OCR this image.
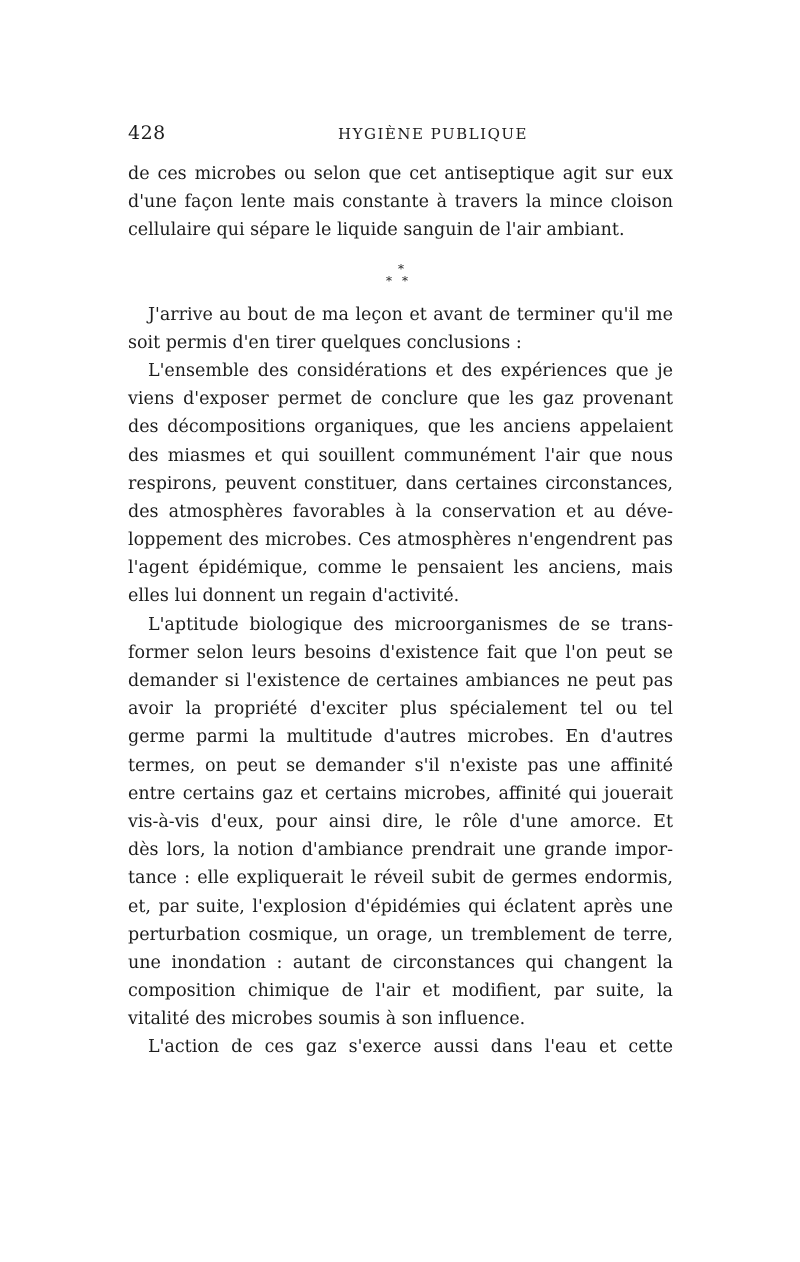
428	HYGIÈNE PUBLIQUE
de ces microbes ou selon que cet antiseptique agit sur eux
d'une façon lente mais constante à travers la mince cloison
cellulaire qui sépare le liquide sanguin de l'air ambiant.
*
**
J'arrive au bout de ma leçon et avant de terminer qu'il me
soit permis d'en tirer quelques conclusions :
L'ensemble des considérations et des expériences que je
viens d'exposer permet de conclure que les gaz provenant
des décompositions organiques, que les anciens appelaient
des miasmes et qui souillent communément l'air que nous
respirons, peuvent constituer, dans certaines circonstances,
des atmosphères favorables à la conservation et au déve-
loppement des microbes. Ces atmosphères n'engendrent pas
l'agent épidémique, comme le pensaient les anciens, mais
elles lui donnent un regain d'activité.
L'aptitude biologique des microorganismes de se trans-
former selon leurs besoins d'existence fait que l'on peut se
demander si l'existence de certaines ambiances ne peut pas
avoir la propriété d'exciter plus spécialement tel ou tel
germe parmi la multitude d'autres microbes. En d'autres
termes, on peut se demander s'il n'existe pas une affinité
entre certains gaz et certains microbes, affinité qui jouerait
vis-à-vis d'eux, pour ainsi dire, le rôle d'une amorce. Et
dès lors, la notion d'ambiance prendrait une grande impor-
tance : elle expliquerait le réveil subit de germes endormis,
et, par suite, l'explosion d'épidémies qui éclatent après une
perturbation cosmique, un orage, un tremblement de terre,
une inondation : autant de circonstances qui changent la
composition chimique de l'air et modifient, par suite, la
vitalité des microbes soumis à son influence.
L'action de ces gaz s'exerce aussi dans l'eau et cette
